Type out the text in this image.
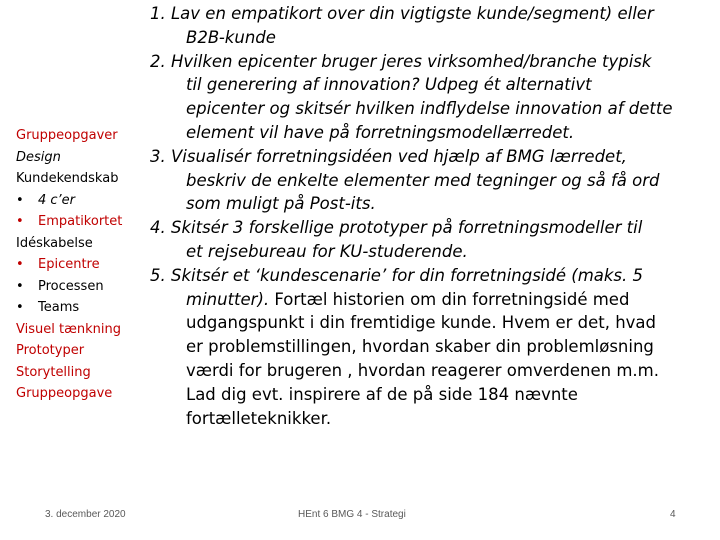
Gruppeopgaver
Design
Kundekendskab
• 4 c’er
• Empatikortet
Idéskabelse
• Epicentre
• Processen
• Teams
Visuel tænkning
Prototyper
Storytelling
Gruppeopgave
1. Lav en empatikort over din vigtigste kunde/segment) eller
B2B-kunde
2. Hvilken epicenter bruger jeres virksomhed/branche typisk
til generering af innovation? Udpeg ét alternativt
epicenter og skitsér hvilken indflydelse innovation af dette
element vil have på forretningsmodellærredet.
3. Visualisér forretningsidéen ved hjælp af BMG lærredet,
beskriv de enkelte elementer med tegninger og så få ord
som muligt på Post-its.
4. Skitsér 3 forskellige prototyper på forretningsmodeller til
et rejsebureau for KU-studerende.
5. Skitsér et ‘kundescenarie’ for din forretningsidé (maks. 5
minutter). Fortæl historien om din forretningsidé med
udgangspunkt i din fremtidige kunde. Hvem er det, hvad
er problemstillingen, hvordan skaber din problemløsning
værdi for brugeren , hvordan reagerer omverdenen m.m.
Lad dig evt. inspirere af de på side 184 nævnte
fortælleteknikker.
3. december 2020	HEnt 6 BMG 4 - Strategi	4
